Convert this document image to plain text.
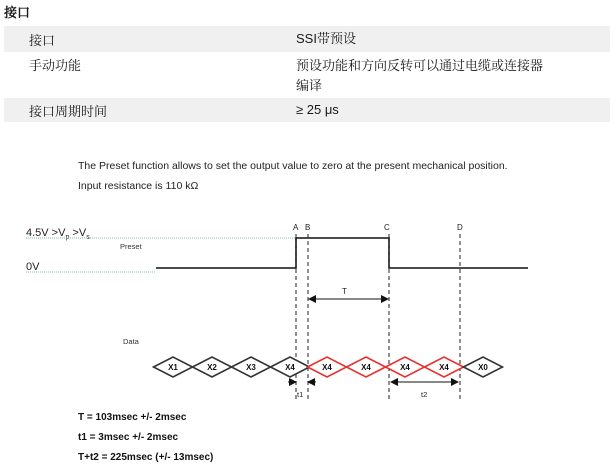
接口
接口	SSI带预设
手动功能	预设功能和方向反转可以通过电缆或连接器
编译
接口周期时间	≥ 25 μs
The Preset function allows to set the output value to zero at the present mechanical position.
Input resistance is 110 kΩ
$4.5V >V_p >V_s$
0V
Preset
A B	C	D
T
Data
X1	X2	X3	X4	X4	X4	X4	X4	X0
t1	t2
T = 103msec +/- 2msec
t1 = 3msec +/- 2msec
T+t2 = 225msec (+/- 13msec)
